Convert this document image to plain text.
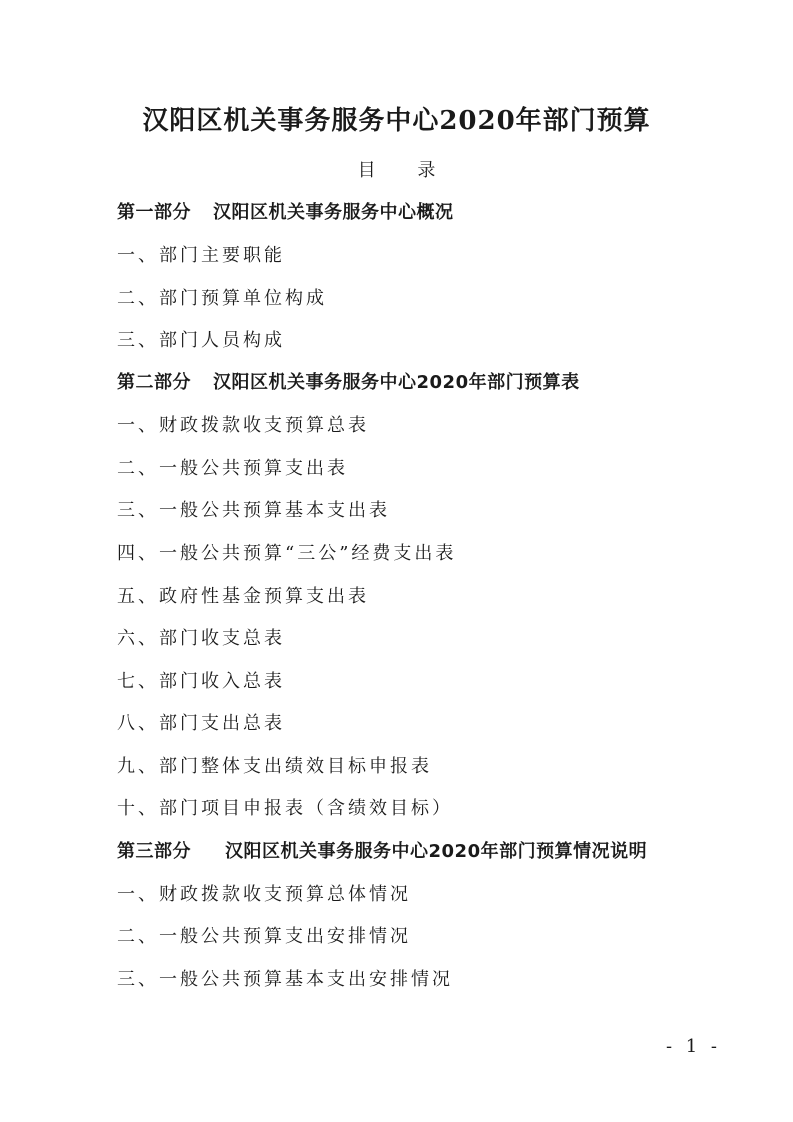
汉阳区机关事务服务中心2020年部门预算
目 录
第一部分 汉阳区机关事务服务中心概况
一、部门主要职能
二、部门预算单位构成
三、部门人员构成
第二部分 汉阳区机关事务服务中心2020年部门预算表
一、财政拨款收支预算总表
二、一般公共预算支出表
三、一般公共预算基本支出表
四、一般公共预算“三公”经费支出表
五、政府性基金预算支出表
六、部门收支总表
七、部门收入总表
八、部门支出总表
九、部门整体支出绩效目标申报表
十、部门项目申报表（含绩效目标）
第三部分 汉阳区机关事务服务中心2020年部门预算情况说明
一、财政拨款收支预算总体情况
二、一般公共预算支出安排情况
三、一般公共预算基本支出安排情况
- 1 -
